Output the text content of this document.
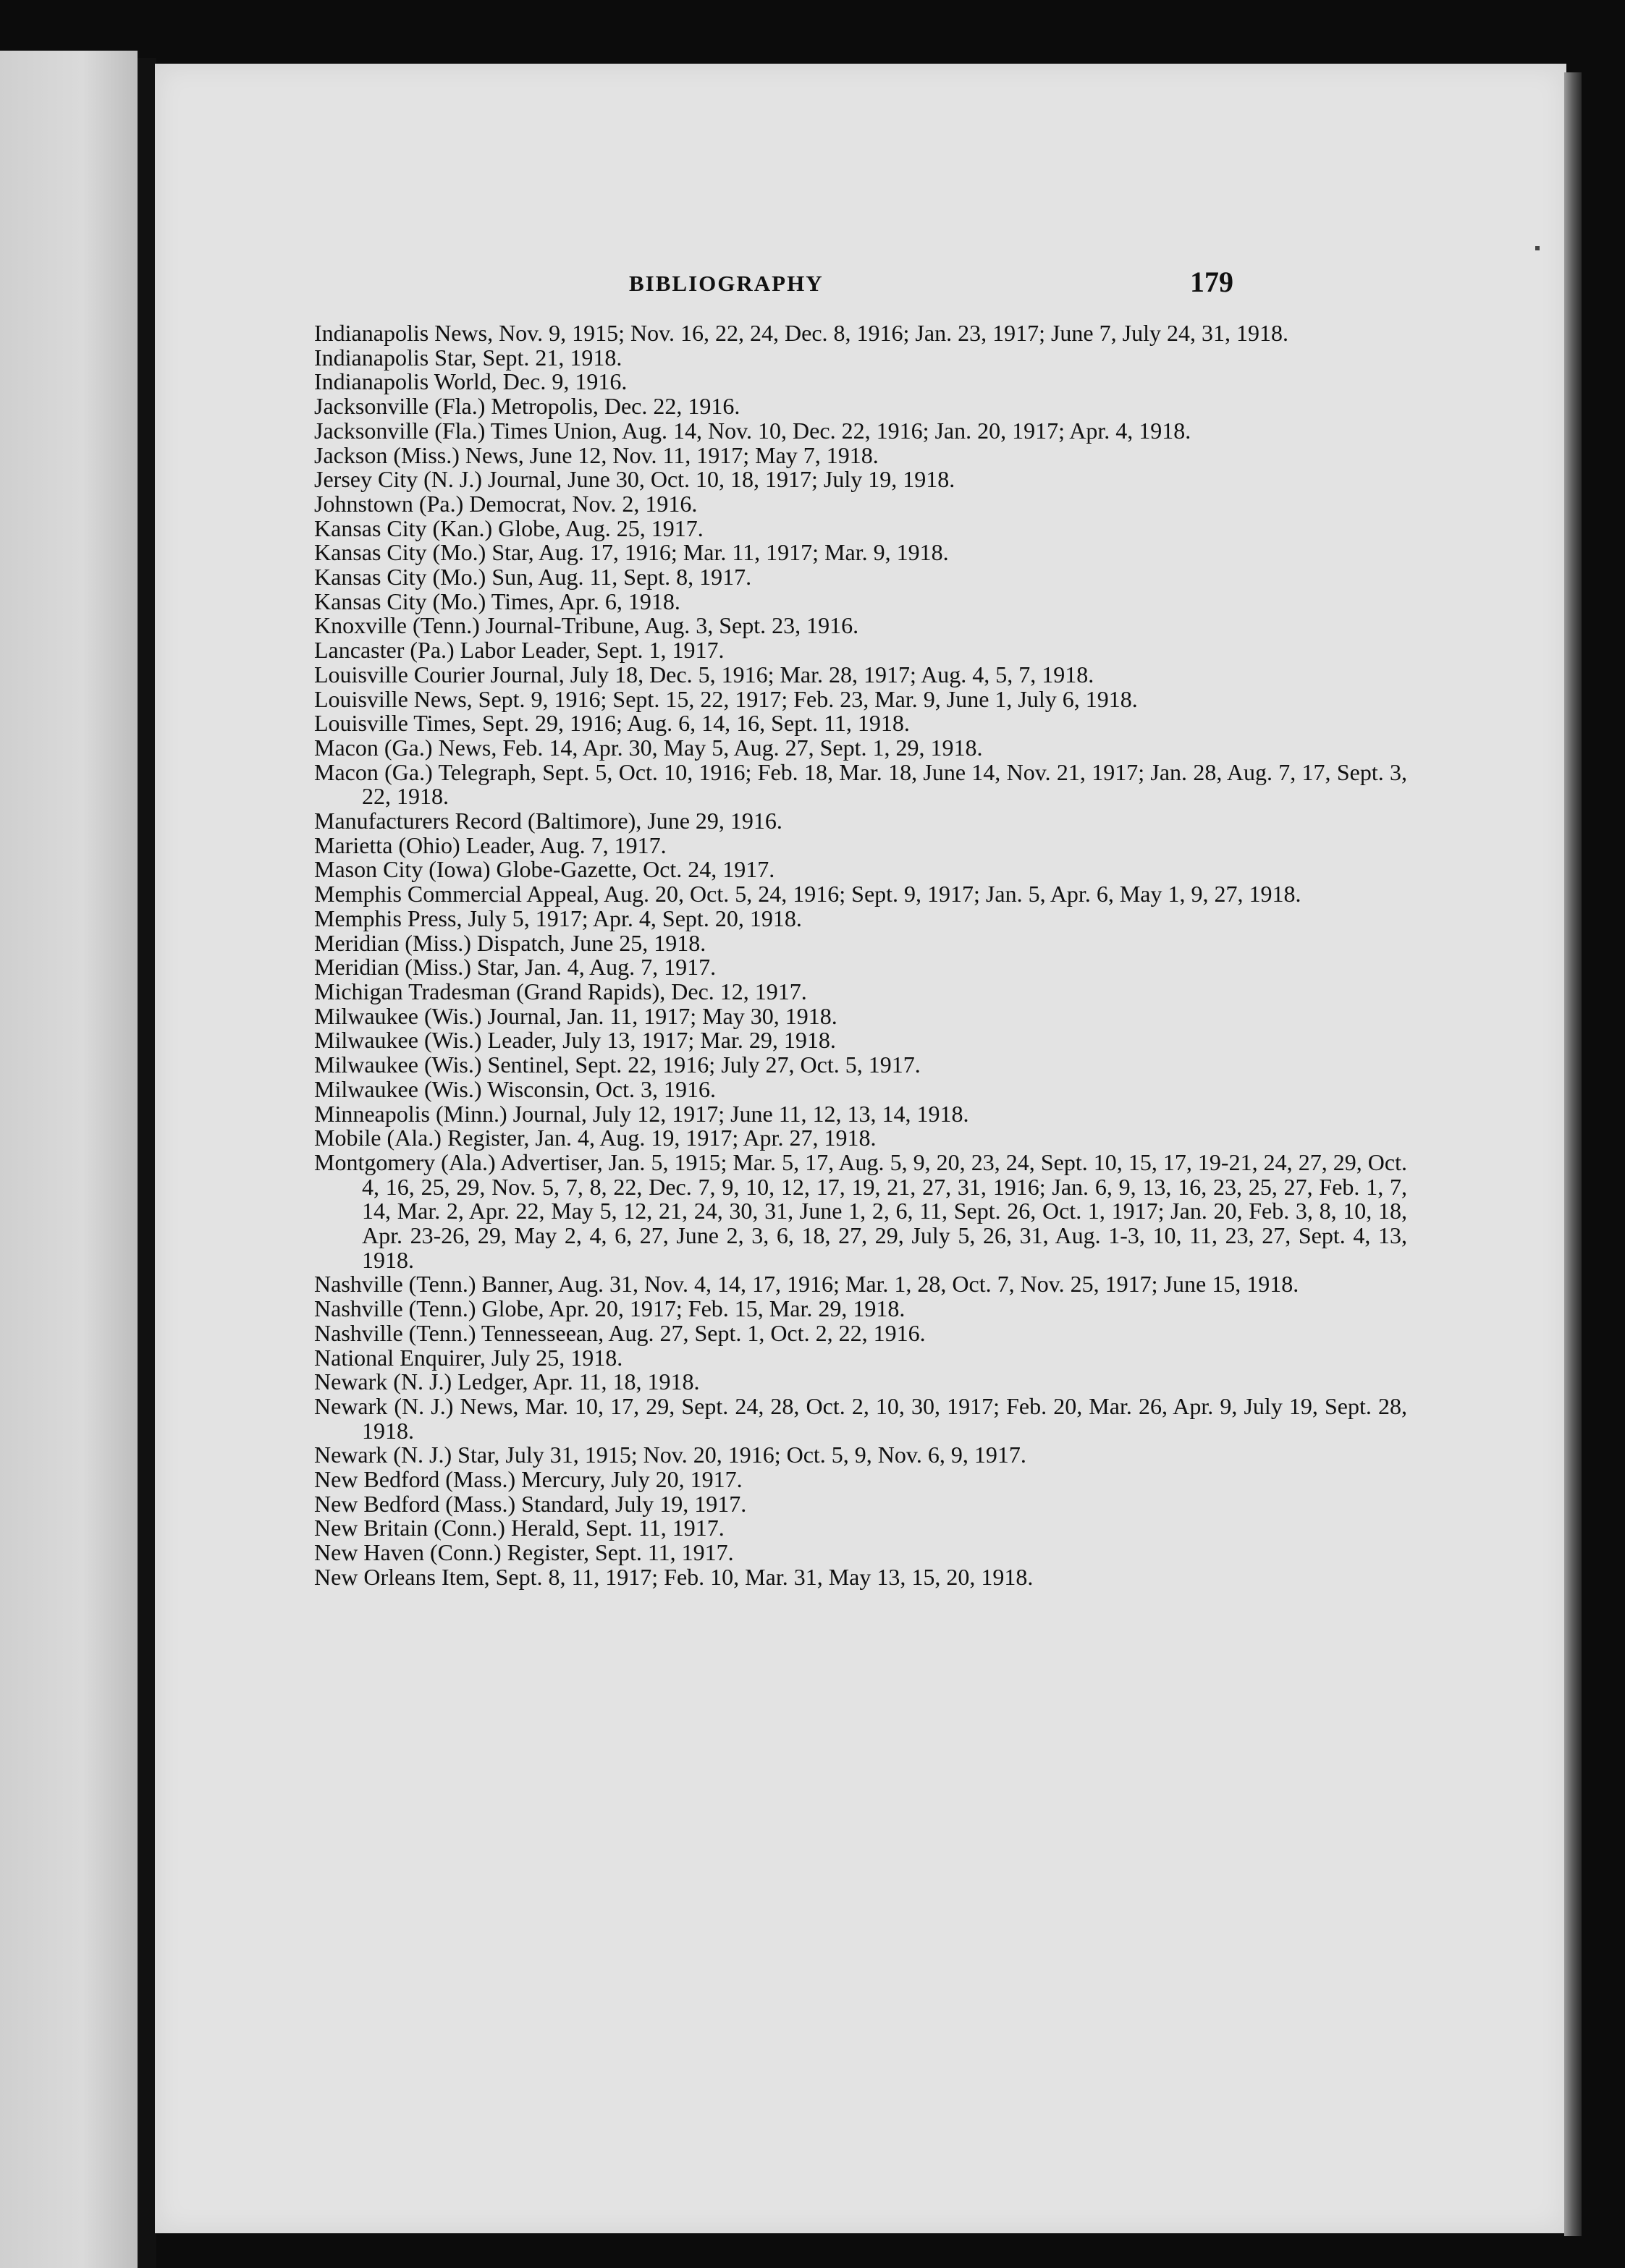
BIBLIOGRAPHY	179
Indianapolis News, Nov. 9, 1915; Nov. 16, 22, 24, Dec. 8, 1916; Jan. 23, 1917; June 7, July 24, 31, 1918.
Indianapolis Star, Sept. 21, 1918.
Indianapolis World, Dec. 9, 1916.
Jacksonville (Fla.) Metropolis, Dec. 22, 1916.
Jacksonville (Fla.) Times Union, Aug. 14, Nov. 10, Dec. 22, 1916; Jan. 20, 1917; Apr. 4, 1918.
Jackson (Miss.) News, June 12, Nov. 11, 1917; May 7, 1918.
Jersey City (N. J.) Journal, June 30, Oct. 10, 18, 1917; July 19, 1918.
Johnstown (Pa.) Democrat, Nov. 2, 1916.
Kansas City (Kan.) Globe, Aug. 25, 1917.
Kansas City (Mo.) Star, Aug. 17, 1916; Mar. 11, 1917; Mar. 9, 1918.
Kansas City (Mo.) Sun, Aug. 11, Sept. 8, 1917.
Kansas City (Mo.) Times, Apr. 6, 1918.
Knoxville (Tenn.) Journal-Tribune, Aug. 3, Sept. 23, 1916.
Lancaster (Pa.) Labor Leader, Sept. 1, 1917.
Louisville Courier Journal, July 18, Dec. 5, 1916; Mar. 28, 1917; Aug. 4, 5, 7, 1918.
Louisville News, Sept. 9, 1916; Sept. 15, 22, 1917; Feb. 23, Mar. 9, June 1, July 6, 1918.
Louisville Times, Sept. 29, 1916; Aug. 6, 14, 16, Sept. 11, 1918.
Macon (Ga.) News, Feb. 14, Apr. 30, May 5, Aug. 27, Sept. 1, 29, 1918.
Macon (Ga.) Telegraph, Sept. 5, Oct. 10, 1916; Feb. 18, Mar. 18, June 14, Nov. 21, 1917; Jan. 28, Aug. 7, 17, Sept. 3, 22, 1918.
Manufacturers Record (Baltimore), June 29, 1916.
Marietta (Ohio) Leader, Aug. 7, 1917.
Mason City (Iowa) Globe-Gazette, Oct. 24, 1917.
Memphis Commercial Appeal, Aug. 20, Oct. 5, 24, 1916; Sept. 9, 1917; Jan. 5, Apr. 6, May 1, 9, 27, 1918.
Memphis Press, July 5, 1917; Apr. 4, Sept. 20, 1918.
Meridian (Miss.) Dispatch, June 25, 1918.
Meridian (Miss.) Star, Jan. 4, Aug. 7, 1917.
Michigan Tradesman (Grand Rapids), Dec. 12, 1917.
Milwaukee (Wis.) Journal, Jan. 11, 1917; May 30, 1918.
Milwaukee (Wis.) Leader, July 13, 1917; Mar. 29, 1918.
Milwaukee (Wis.) Sentinel, Sept. 22, 1916; July 27, Oct. 5, 1917.
Milwaukee (Wis.) Wisconsin, Oct. 3, 1916.
Minneapolis (Minn.) Journal, July 12, 1917; June 11, 12, 13, 14, 1918.
Mobile (Ala.) Register, Jan. 4, Aug. 19, 1917; Apr. 27, 1918.
Montgomery (Ala.) Advertiser, Jan. 5, 1915; Mar. 5, 17, Aug. 5, 9, 20, 23, 24, Sept. 10, 15, 17, 19-21, 24, 27, 29, Oct. 4, 16, 25, 29, Nov. 5, 7, 8, 22, Dec. 7, 9, 10, 12, 17, 19, 21, 27, 31, 1916; Jan. 6, 9, 13, 16, 23, 25, 27, Feb. 1, 7, 14, Mar. 2, Apr. 22, May 5, 12, 21, 24, 30, 31, June 1, 2, 6, 11, Sept. 26, Oct. 1, 1917; Jan. 20, Feb. 3, 8, 10, 18, Apr. 23-26, 29, May 2, 4, 6, 27, June 2, 3, 6, 18, 27, 29, July 5, 26, 31, Aug. 1-3, 10, 11, 23, 27, Sept. 4, 13, 1918.
Nashville (Tenn.) Banner, Aug. 31, Nov. 4, 14, 17, 1916; Mar. 1, 28, Oct. 7, Nov. 25, 1917; June 15, 1918.
Nashville (Tenn.) Globe, Apr. 20, 1917; Feb. 15, Mar. 29, 1918.
Nashville (Tenn.) Tennesseean, Aug. 27, Sept. 1, Oct. 2, 22, 1916.
National Enquirer, July 25, 1918.
Newark (N. J.) Ledger, Apr. 11, 18, 1918.
Newark (N. J.) News, Mar. 10, 17, 29, Sept. 24, 28, Oct. 2, 10, 30, 1917; Feb. 20, Mar. 26, Apr. 9, July 19, Sept. 28, 1918.
Newark (N. J.) Star, July 31, 1915; Nov. 20, 1916; Oct. 5, 9, Nov. 6, 9, 1917.
New Bedford (Mass.) Mercury, July 20, 1917.
New Bedford (Mass.) Standard, July 19, 1917.
New Britain (Conn.) Herald, Sept. 11, 1917.
New Haven (Conn.) Register, Sept. 11, 1917.
New Orleans Item, Sept. 8, 11, 1917; Feb. 10, Mar. 31, May 13, 15, 20, 1918.
